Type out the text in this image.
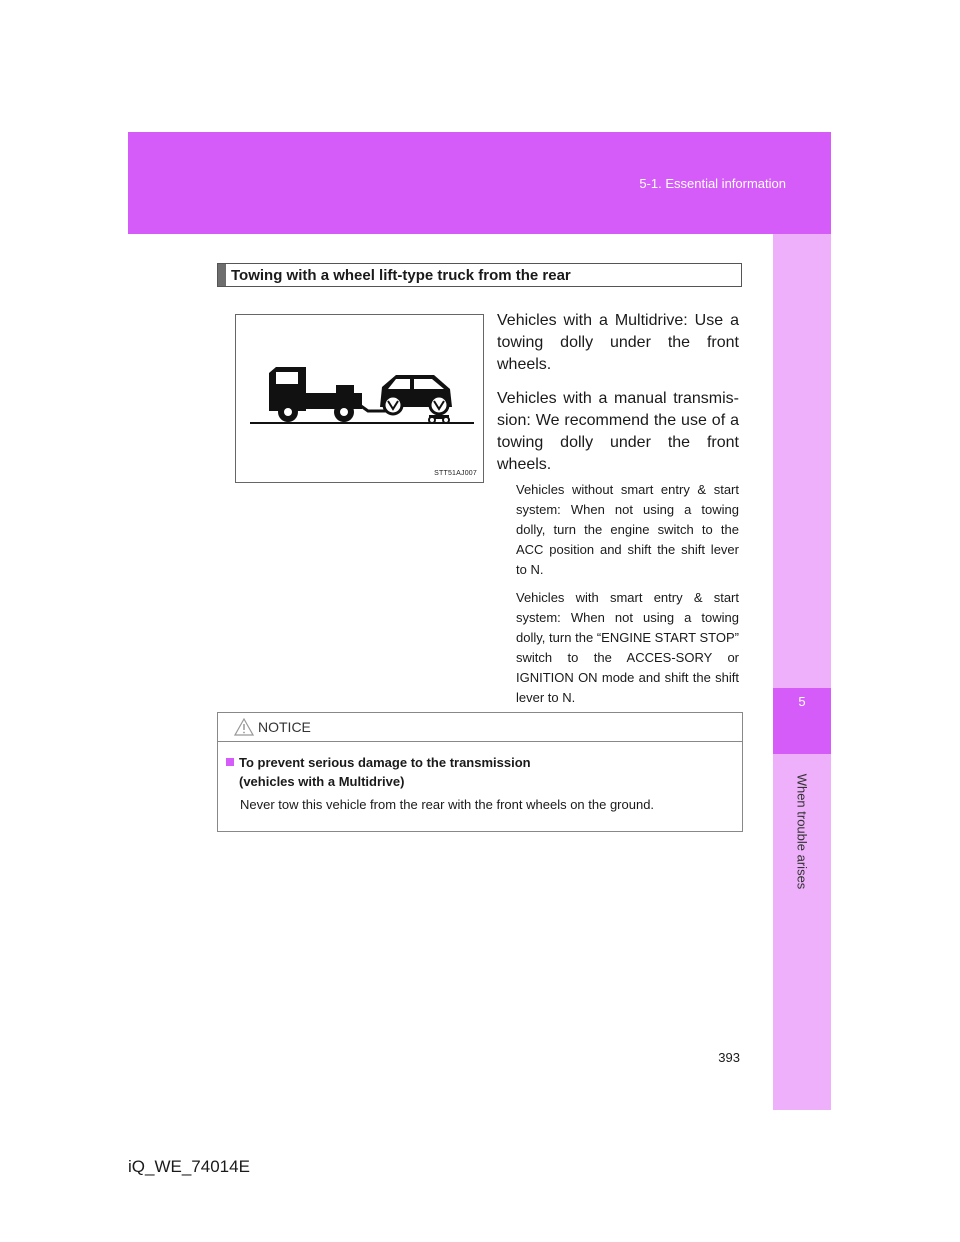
5-1. Essential information
5
When trouble arises
Towing with a wheel lift-type truck from the rear
STT51AJ007

Vehicles with a Multidrive: Use a towing dolly under the front wheels.

Vehicles with a manual transmis-sion: We recommend the use of a towing dolly under the front wheels.

Vehicles without smart entry & start system: When not using a towing dolly, turn the engine switch to the ACC position and shift the shift lever to N.

Vehicles with smart entry & start system: When not using a towing dolly, turn the “ENGINE START STOP” switch to the ACCES-SORY or IGNITION ON mode and shift the shift lever to N.

NOTICE
To prevent serious damage to the transmission
(vehicles with a Multidrive)
Never tow this vehicle from the rear with the front wheels on the ground.
393
iQ_WE_74014E
